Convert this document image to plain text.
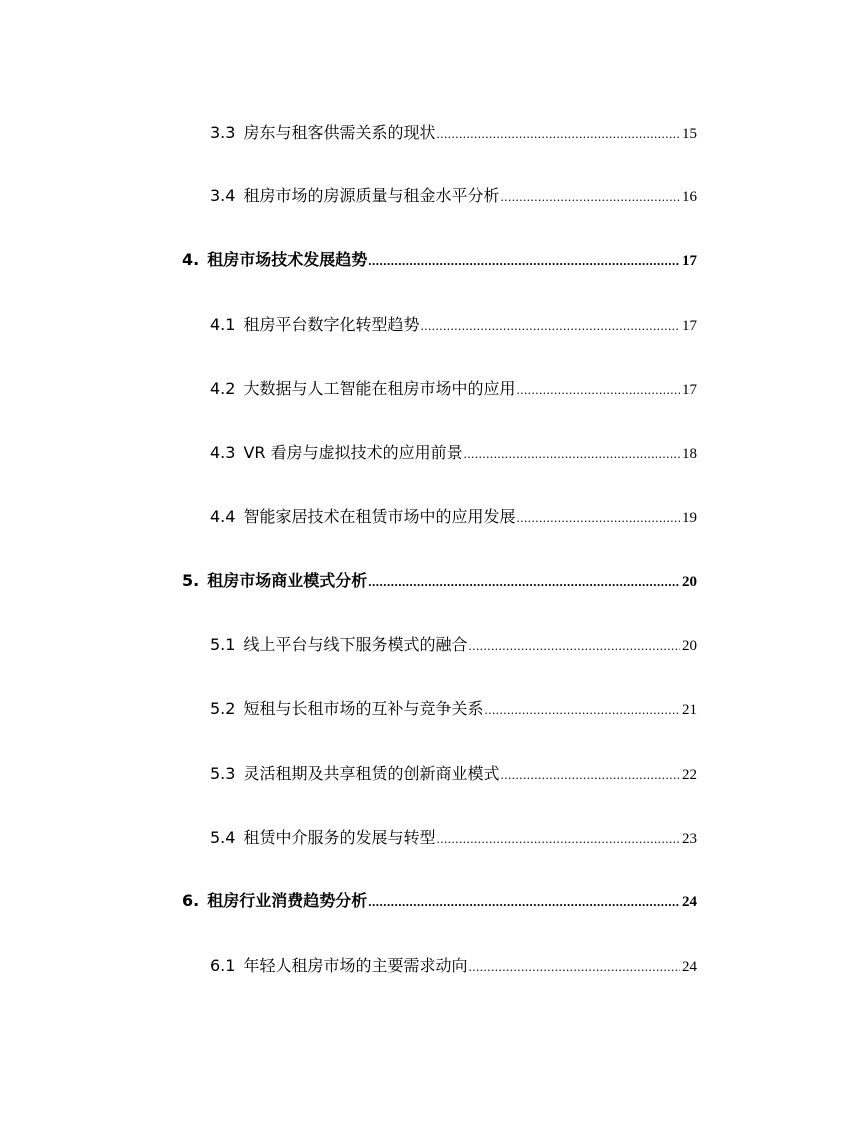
3.3 房东与租客供需关系的现状 .....	15
3.4 租房市场的房源质量与租金水平分析 .....	16
4. 租房市场技术发展趋势 .....	17
4.1 租房平台数字化转型趋势 .....	17
4.2 大数据与人工智能在租房市场中的应用 .....	17
4.3 VR 看房与虚拟技术的应用前景 .....	18
4.4 智能家居技术在租赁市场中的应用发展 .....	19
5. 租房市场商业模式分析 .....	20
5.1 线上平台与线下服务模式的融合 .....	20
5.2 短租与长租市场的互补与竞争关系 .....	21
5.3 灵活租期及共享租赁的创新商业模式 .....	22
5.4 租赁中介服务的发展与转型 .....	23
6. 租房行业消费趋势分析 .....	24
6.1 年轻人租房市场的主要需求动向 .....	24
